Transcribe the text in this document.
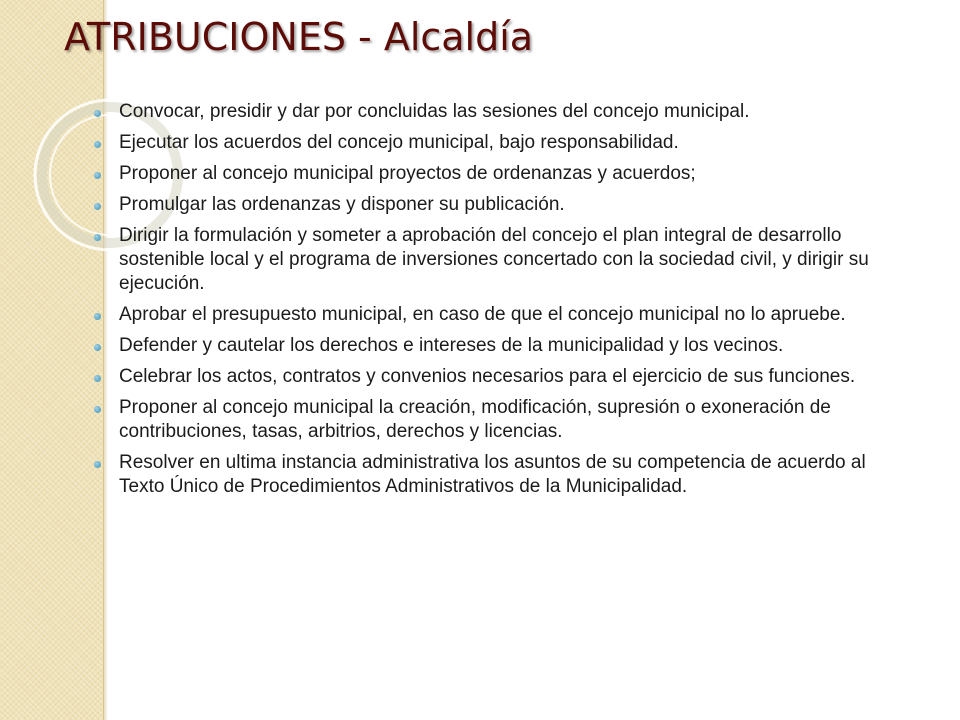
ATRIBUCIONES - Alcaldía
Convocar, presidir y dar por concluidas las sesiones del concejo municipal.
Ejecutar los acuerdos del concejo municipal, bajo responsabilidad.
Proponer al concejo municipal proyectos de ordenanzas y acuerdos;
Promulgar las ordenanzas y disponer su publicación.
Dirigir la formulación y someter a aprobación del concejo el plan integral de desarrollo sostenible local y el programa de inversiones concertado con la sociedad civil, y dirigir su ejecución.
Aprobar el presupuesto municipal, en caso de que el concejo municipal no lo apruebe.
Defender y cautelar los derechos e intereses de la municipalidad y los vecinos.
Celebrar los actos, contratos y convenios necesarios para el ejercicio de sus funciones.
Proponer al concejo municipal la creación, modificación, supresión o exoneración de contribuciones, tasas, arbitrios, derechos y licencias.
Resolver en ultima instancia administrativa los asuntos de su competencia de acuerdo al Texto Único de Procedimientos Administrativos de la Municipalidad.
